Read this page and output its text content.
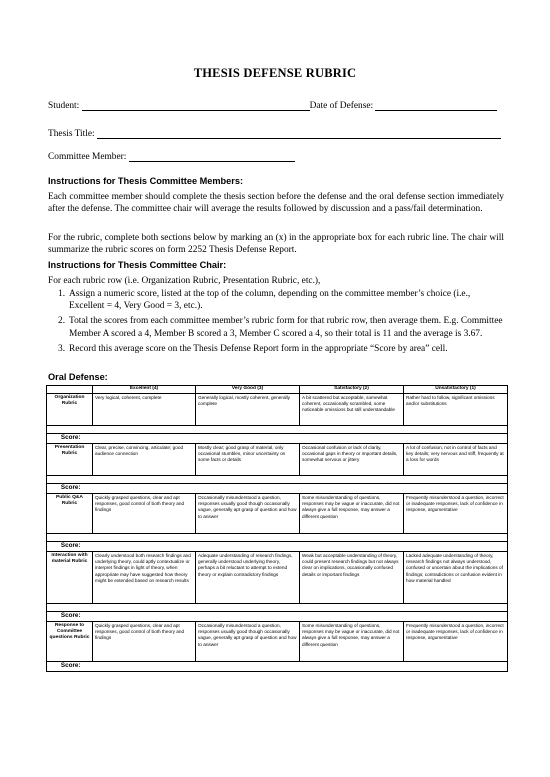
THESIS DEFENSE RUBRIC
Student:	Date of Defense:
Thesis Title:
Committee Member:
Instructions for Thesis Committee Members:
Each committee member should complete the thesis section before the defense and the oral defense section immediately after the defense. The committee chair will average the results followed by discussion and a pass/fail determination.
For the rubric, complete both sections below by marking an (x) in the appropriate box for each rubric line. The chair will summarize the rubric scores on form 2252 Thesis Defense Report.
Instructions for Thesis Committee Chair:
For each rubric row (i.e. Organization Rubric, Presentation Rubric, etc.),
1. Assign a numeric score, listed at the top of the column, depending on the committee member’s choice (i.e., Excellent = 4, Very Good = 3, etc.).
2. Total the scores from each committee member’s rubric form for that rubric row, then average them. E.g. Committee Member A scored a 4, Member B scored a 3, Member C scored a 4, so their total is 11 and the average is 3.67.
3. Record this average score on the Thesis Defense Report form in the appropriate “Score by area” cell.
Oral Defense:
	Excellent (4)	Very Good (3)	Satisfactory (2)	Unsatisfactory (1)
Organization Rubric	Very logical, coherent, complete	Generally logical, mostly coherent, generally complete	A bit scattered but acceptable, somewhat coherent, occasionally scrambled, some noticeable omissions but still understandable	Rather hard to follow, significant omissions and/or substitutions

Score:				
Presentation Rubric	Clear, precise, convincing, articulate; good audience connection	Mostly clear; good grasp of material, only occasional stumbles, minor uncertainty on some facts or details	Occasional confusion or lack of clarity, occasional gaps in theory or important details, somewhat nervous or jittery	A lot of confusion, not in control of facts and key details; very nervous and stiff, frequently at a loss for words

Score:				
Public Q&A Rubric	Quickly grasped questions, clear and apt responses, good control of both theory and findings	Occasionally misunderstood a question, responses usually good though occasionally vague, generally apt grasp of question and how to answer	Some misunderstanding of questions, responses may be vague or inaccurate, did not always give a full response, may answer a different question	Frequently misunderstood a question, incorrect or inadequate responses, lack of confidence in response, argumentative

Score:				
Interaction with material Rubric	Clearly understood both research findings and underlying theory, could aptly contextualize or interpret findings in light of theory, when appropriate may have suggested how theory might be extended based on research results	Adequate understanding of research findings, generally understood underlying theory, perhaps a bit reluctant to attempt to extend theory or explain contradictory findings	Weak but acceptable understanding of theory, could present research findings but not always clear on implications, occasionally confused details or important findings	Lacked adequate understanding of theory, research findings not always understood, confused or uncertain about the implications of findings; contradictions or confusion evident in how material handled

Score:				
Response to Committee questions Rubric	Quickly grasped questions, clear and apt responses, good control of both theory and findings	Occasionally misunderstood a question, responses usually good though occasionally vague, generally apt grasp of question and how to answer	Some misunderstanding of questions, responses may be vague or inaccurate, did not always give a full response, may answer a different question	Frequently misunderstood a question, incorrect or inadequate responses, lack of confidence in response, argumentative
Score:				
